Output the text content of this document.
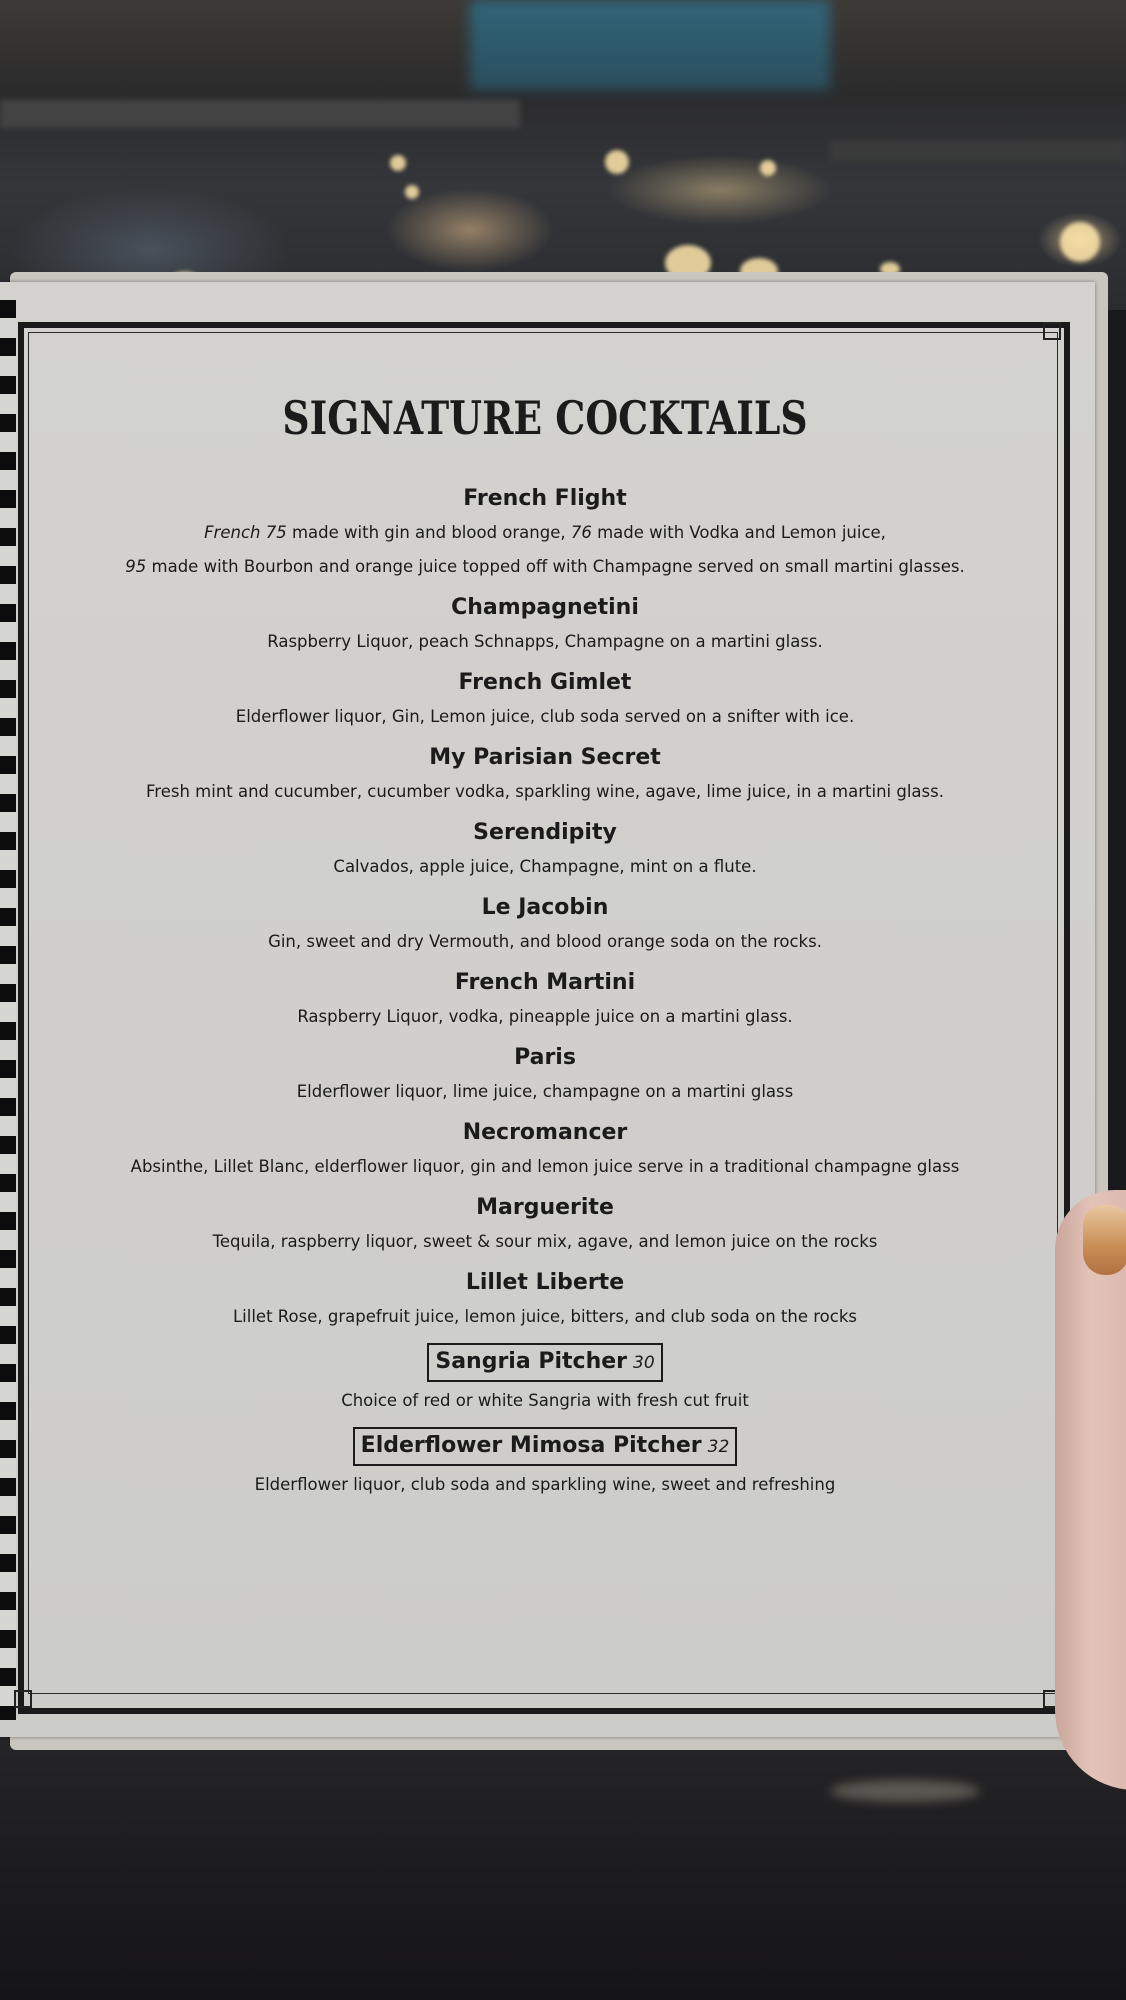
SIGNATURE COCKTAILS
French Flight
French 75 made with gin and blood orange, 76 made with Vodka and Lemon juice,
95 made with Bourbon and orange juice topped off with Champagne served on small martini glasses.
Champagnetini
Raspberry Liquor, peach Schnapps, Champagne on a martini glass.
French Gimlet
Elderflower liquor, Gin, Lemon juice, club soda served on a snifter with ice.
My Parisian Secret
Fresh mint and cucumber, cucumber vodka, sparkling wine, agave, lime juice, in a martini glass.
Serendipity
Calvados, apple juice, Champagne, mint on a flute.
Le Jacobin
Gin, sweet and dry Vermouth, and blood orange soda on the rocks.
French Martini
Raspberry Liquor, vodka, pineapple juice on a martini glass.
Paris
Elderflower liquor, lime juice, champagne on a martini glass
Necromancer
Absinthe, Lillet Blanc, elderflower liquor, gin and lemon juice serve in a traditional champagne glass
Marguerite
Tequila, raspberry liquor, sweet & sour mix, agave, and lemon juice on the rocks
Lillet Liberte
Lillet Rose, grapefruit juice, lemon juice, bitters, and club soda on the rocks
Sangria Pitcher 30
Choice of red or white Sangria with fresh cut fruit
Elderflower Mimosa Pitcher 32
Elderflower liquor, club soda and sparkling wine, sweet and refreshing
